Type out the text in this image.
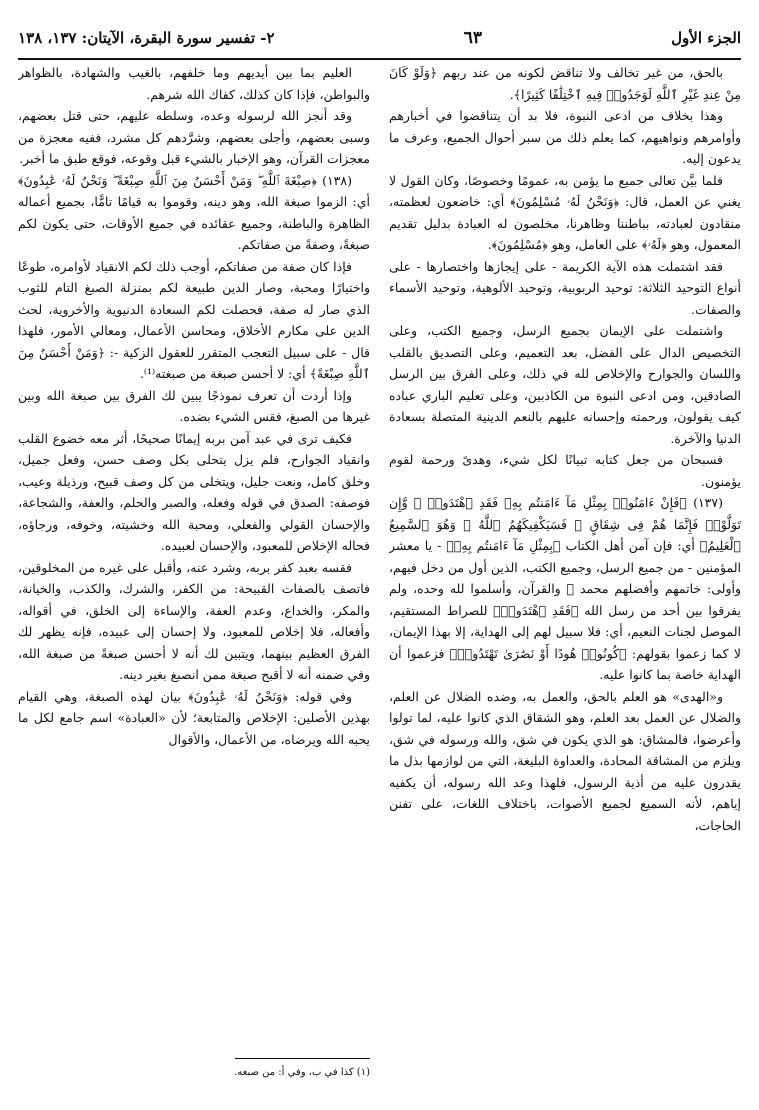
الجزء الأول
٦٣
٢- تفسير سورة البقرة، الآيتان: ١٣٧، ١٣٨

بالحق، من غير تخالف ولا تناقض لكونه من عند ربهم ﴿وَلَوْ كَانَ مِنْ عِندِ غَيْرِ ٱللَّهِ لَوَجَدُوا۟ فِيهِ ٱخْتِلَٰفًا كَثِيرًا﴾.

وهذا بخلاف من ادعى النبوة، فلا بد أن يتناقضوا في أخبارهم وأوامرهم ونواهيهم، كما يعلم ذلك من سبر أحوال الجميع، وعرف ما يدعون إليه.

فلما بيَّن تعالى جميع ما يؤمن به، عمومًا وخصوصًا، وكان القول لا يغني عن العمل، قال: ﴿وَنَحْنُ لَهُۥ مُسْلِمُونَ﴾ أي: خاضعون لعظمته، منقادون لعبادته، بباطننا وظاهرنا، مخلصون له العبادة بدليل تقديم المعمول، وهو ﴿لَهُۥ﴾ على العامل، وهو ﴿مُسْلِمُونَ﴾.

فقد اشتملت هذه الآية الكريمة - على إيجازها واختصارها - على أنواع التوحيد الثلاثة: توحيد الربوبية، وتوحيد الألوهية، وتوحيد الأسماء والصفات.

واشتملت على الإيمان بجميع الرسل، وجميع الكتب، وعلى التخصيص الدال على الفضل، بعد التعميم، وعلى التصديق بالقلب واللسان والجوارح والإخلاص لله في ذلك، وعلى الفرق بين الرسل الصادقين، ومن ادعى النبوة من الكاذبين، وعلى تعليم الباري عباده كيف يقولون، ورحمته وإحسانه عليهم بالنعم الدينية المتصلة بسعادة الدنيا والآخرة.

فسبحان من جعل كتابه تبيانًا لكل شيء، وهدىً ورحمة لقوم يؤمنون.

(١٣٧) ﴿فَإِنْ ءَامَنُوا۟ بِمِثْلِ مَآ ءَامَنتُم بِهِۦ فَقَدِ ٱهْتَدَوا۟ ۖ وَّإِن تَوَلَّوْا۟ فَإِنَّمَا هُمْ فِى شِقَاقٍ ۖ فَسَيَكْفِيكَهُمُ ٱللَّهُ ۚ وَهُوَ ٱلسَّمِيعُ ٱلْعَلِيمُ﴾ أي: فإن آمن أهل الكتاب ﴿بِمِثْلِ مَآ ءَامَنتُم بِهِۦ﴾ - يا معشر المؤمنين - من جميع الرسل، وجميع الكتب، الذين أول من دخل فيهم، وأولى: خاتمهم وأفضلهم محمد ﷺ والقرآن، وأسلموا لله وحده، ولم يفرقوا بين أحد من رسل الله ﴿فَقَدِ ٱهْتَدَوا۟﴾ للصراط المستقيم، الموصل لجنات النعيم، أي: فلا سبيل لهم إلى الهداية، إلا بهذا الإيمان، لا كما زعموا بقولهم: ﴿كُونُوا۟ هُودًا أَوْ نَصَٰرَىٰ تَهْتَدُوا۟﴾ فزعموا أن الهداية خاصة بما كانوا عليه.

و«الهدى» هو العلم بالحق، والعمل به، وضده الضلال عن العلم، والضلال عن العمل بعد العلم، وهو الشقاق الذي كانوا عليه، لما تولوا وأعرضوا، فالمشاق: هو الذي يكون في شق، والله ورسوله في شق، ويلزم من المشاقة المحادة، والعداوة البليغة، التي من لوازمها بذل ما يقدرون عليه من أذية الرسول، فلهذا وعد الله رسوله، أن يكفيه إياهم، لأنه السميع لجميع الأصوات، باختلاف اللغات، على تفنن الحاجات،

العليم بما بين أيديهم وما خلفهم، بالغيب والشهادة، بالظواهر والبواطن، فإذا كان كذلك، كفاك الله شرهم.

وقد أنجز الله لرسوله وعده، وسلطه عليهم، حتى قتل بعضهم، وسبى بعضهم، وأجلى بعضهم، وشرَّدهم كل مشرد، ففيه معجزة من معجزات القرآن، وهو الإخبار بالشيء قبل وقوعه، فوقع طبق ما أخبر.

(١٣٨) ﴿صِبْغَةَ ٱللَّهِ ۖ وَمَنْ أَحْسَنُ مِنَ ٱللَّهِ صِبْغَةً ۖ وَنَحْنُ لَهُۥ عَٰبِدُونَ﴾ أي: الزموا صبغة الله، وهو دينه، وقوموا به قيامًا تامًّا، بجميع أعماله الظاهرة والباطنة، وجميع عقائده في جميع الأوقات، حتى يكون لكم صبغةً، وصفةً من صفاتكم.

فإذا كان صفة من صفاتكم، أوجب ذلك لكم الانقياد لأوامره، طوعًا واختيارًا ومحبة، وصار الدين طبيعة لكم بمنزلة الصبغ التام للثوب الذي صار له صفة، فحصلت لكم السعادة الدنيوية والأخروية، لحث الدين على مكارم الأخلاق، ومحاسن الأعمال، ومعالي الأمور، فلهذا قال - على سبيل التعجب المتقرر للعقول الزكية -: ﴿وَمَنْ أَحْسَنُ مِنَ ٱللَّهِ صِبْغَةً﴾ أي: لا أحسن صبغة من صبغته⁽¹⁾.

وإذا أردت أن تعرف نموذجًا يبين لك الفرق بين صبغة الله وبين غيرها من الصبغ، فقس الشيء بضده.

فكيف ترى في عبد آمن بربه إيمانًا صحيحًا، أثر معه خضوع القلب وانقياد الجوارح، فلم يزل يتحلى بكل وصف حسن، وفعل جميل، وخلق كامل، ونعت جليل، ويتخلى من كل وصف قبيح، ورذيلة وعيب، فوصفه: الصدق في قوله وفعله، والصبر والحلم، والعفة، والشجاعة، والإحسان القولي والفعلي، ومحبة الله وخشيته، وخوفه، ورجاؤه، فحاله الإخلاص للمعبود، والإحسان لعبيده.

فقسه بعبد كفر بربه، وشرد عنه، وأقبل على غيره من المخلوقين، فاتصف بالصفات القبيحة: من الكفر، والشرك، والكذب، والخيانة، والمكر، والخداع، وعدم العفة، والإساءة إلى الخلق، في أقواله، وأفعاله، فلا إخلاص للمعبود، ولا إحسان إلى عبيده، فإنه يظهر لك الفرق العظيم بينهما، ويتبين لك أنه لا أحسن صبغةً من صبغة الله، وفي ضمنه أنه لا أقبح صبغة ممن انصبغ بغير دينه.

وفي قوله: ﴿وَنَحْنُ لَهُۥ عَٰبِدُونَ﴾ بيان لهذه الصبغة، وهي القيام بهذين الأصلين: الإخلاص والمتابعة؛ لأن «العبادة» اسم جامع لكل ما يحبه الله ويرضاه، من الأعمال، والأقوال

(١) كذا في ب، وفي أ: من صبغه.
